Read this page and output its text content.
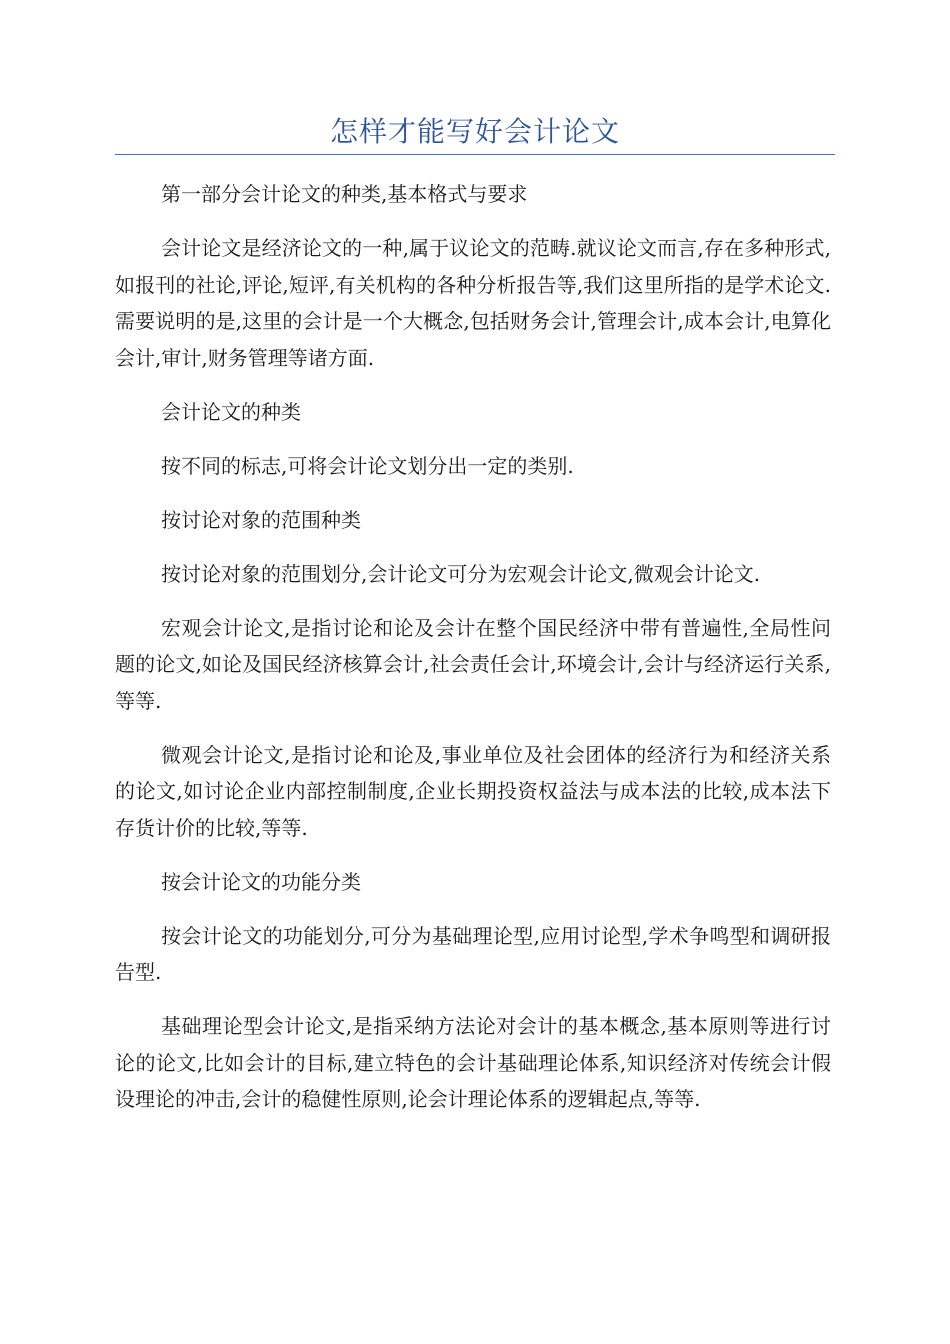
怎样才能写好会计论文

第一部分会计论文的种类,基本格式与要求

会计论文是经济论文的一种,属于议论文的范畴.就议论文而言,存在多种形式,如报刊的社论,评论,短评,有关机构的各种分析报告等,我们这里所指的是学术论文.需要说明的是,这里的会计是一个大概念,包括财务会计,管理会计,成本会计,电算化会计,审计,财务管理等诸方面.

会计论文的种类

按不同的标志,可将会计论文划分出一定的类别.

按讨论对象的范围种类

按讨论对象的范围划分,会计论文可分为宏观会计论文,微观会计论文.

宏观会计论文,是指讨论和论及会计在整个国民经济中带有普遍性,全局性问题的论文,如论及国民经济核算会计,社会责任会计,环境会计,会计与经济运行关系,等等.

微观会计论文,是指讨论和论及,事业单位及社会团体的经济行为和经济关系的论文,如讨论企业内部控制制度,企业长期投资权益法与成本法的比较,成本法下存货计价的比较,等等.

按会计论文的功能分类

按会计论文的功能划分,可分为基础理论型,应用讨论型,学术争鸣型和调研报告型.

基础理论型会计论文,是指采纳方法论对会计的基本概念,基本原则等进行讨论的论文,比如会计的目标,建立特色的会计基础理论体系,知识经济对传统会计假设理论的冲击,会计的稳健性原则,论会计理论体系的逻辑起点,等等.
